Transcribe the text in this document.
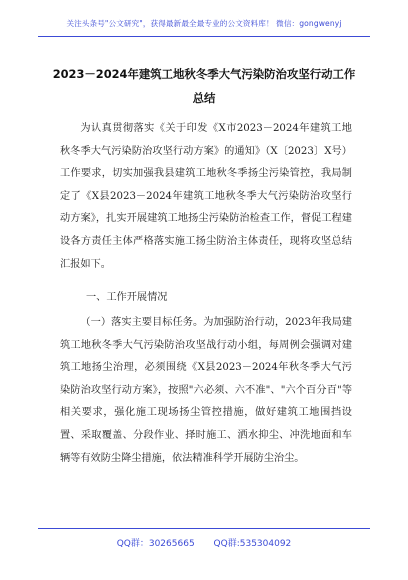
关注头条号"公文研究"，获得最新最全最专业的公文资料库！ 微信：gongwenyj
2023－2024年建筑工地秋冬季大气污染防治攻坚行动工作
总结

为认真贯彻落实《关于印发《X市2023－2024年建筑工地秋冬季大气污染防治攻坚行动方案》的通知》（X〔2023〕X号）工作要求，切实加强我县建筑工地秋冬季扬尘污染管控，我局制定了《X县2023－2024年建筑工地秋冬季大气污染防治攻坚行动方案》，扎实开展建筑工地扬尘污染防治检查工作，督促工程建设各方责任主体严格落实施工扬尘防治主体责任，现将攻坚总结汇报如下。

一、工作开展情况

（一）落实主要目标任务。为加强防治行动，2023年我局建筑工地秋冬季大气污染防治攻坚战行动小组，每周例会强调对建筑工地扬尘治理，必须围绕《X县2023－2024年秋冬季大气污染防治攻坚行动方案》，按照"六必须、六不准"、"六个百分百"等相关要求，强化施工现场扬尘管控措施，做好建筑工地围挡设置、采取覆盖、分段作业、择时施工、洒水抑尘、冲洗地面和车辆等有效防尘降尘措施，依法精准科学开展防尘治尘。

QQ群：30265665 QQ群:535304092
